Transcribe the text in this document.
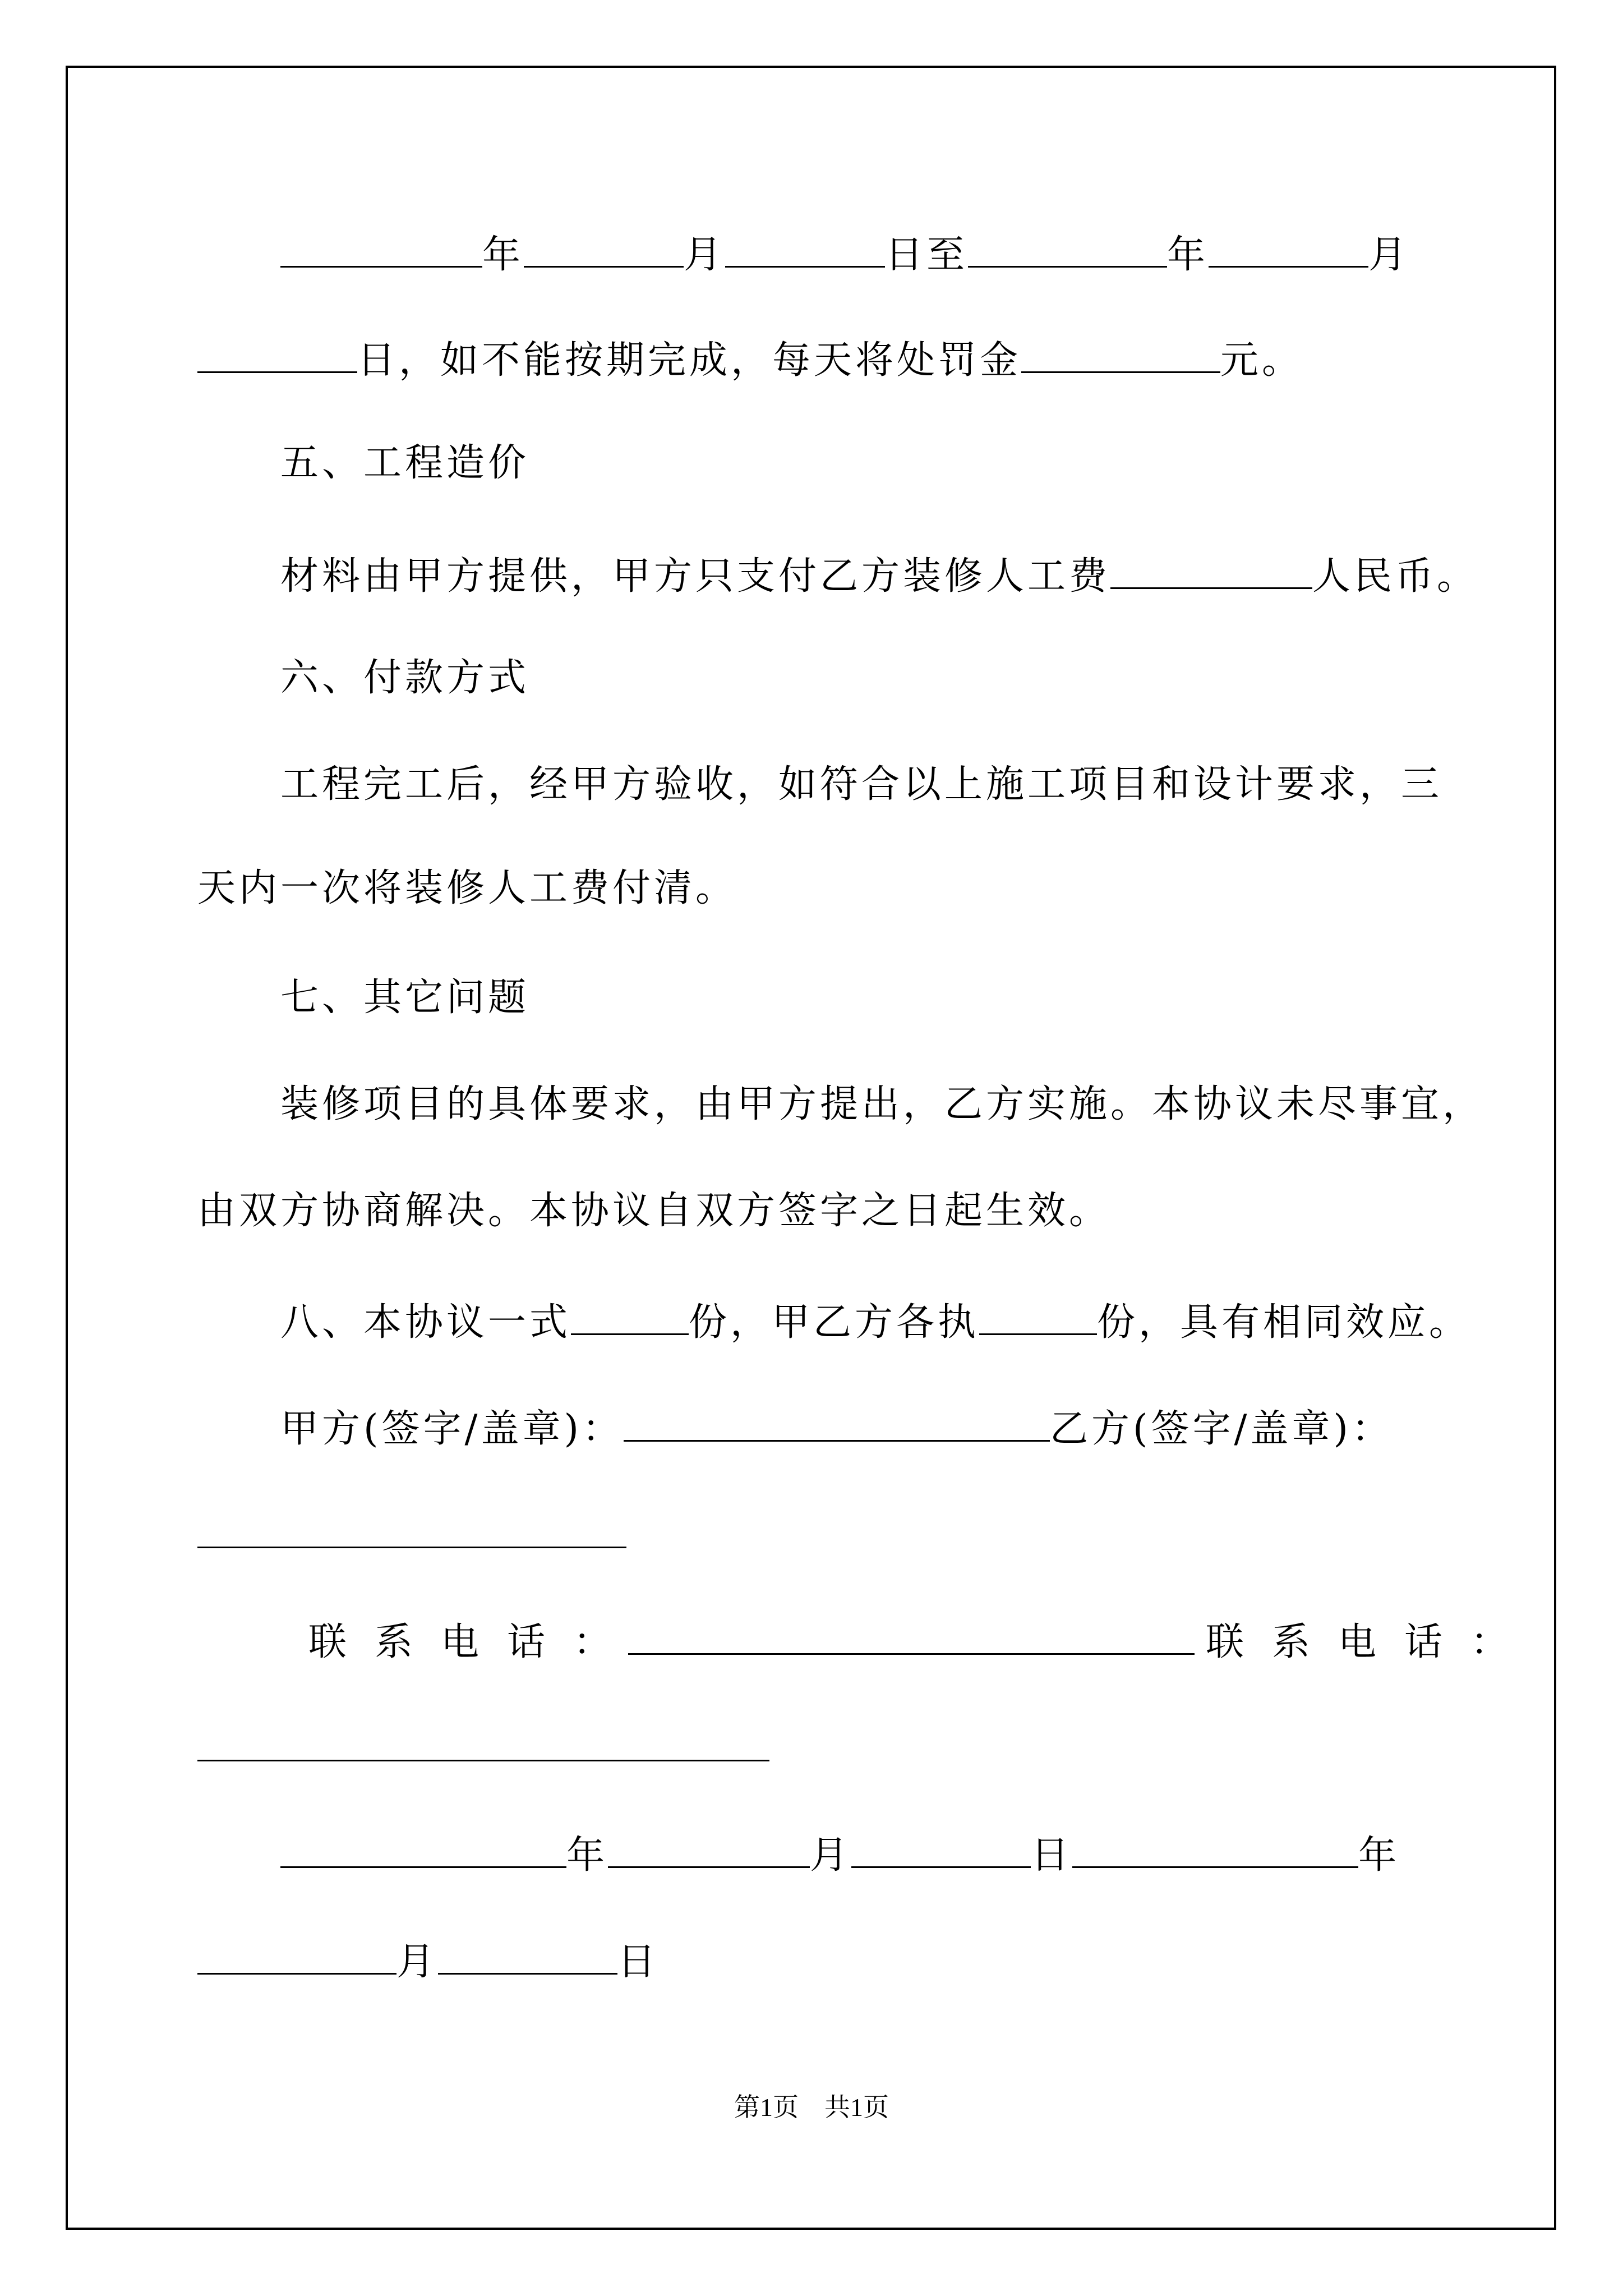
年	月	日至	年	月
日，如不能按期完成，每天将处罚金	元。
五、工程造价
材料由甲方提供，甲方只支付乙方装修人工费	人民币。
六、付款方式
工程完工后，经甲方验收，如符合以上施工项目和设计要求，三
天内一次将装修人工费付清。
七、其它问题
装修项目的具体要求，由甲方提出，乙方实施。本协议未尽事宜，
由双方协商解决。本协议自双方签字之日起生效。
八、本协议一式	份，甲乙方各执	份，具有相同效应。
甲方(签字/盖章)：	乙方(签字/盖章)：
联系电话：	联系电话：
年	月	日	年
月	日
第1页　共1页
